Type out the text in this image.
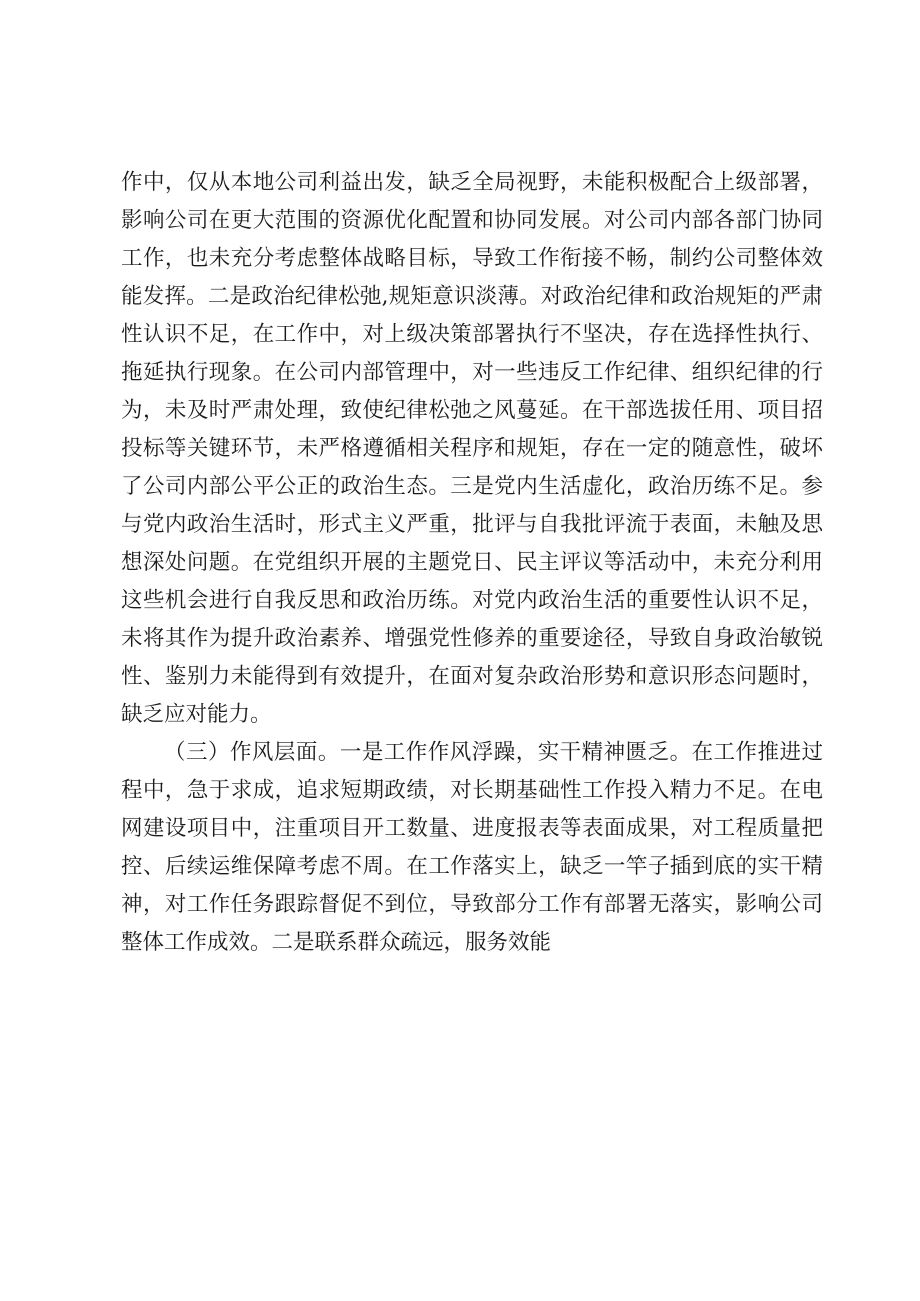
作中，仅从本地公司利益出发，缺乏全局视野，未能积极配合上级部署，影响公司在更大范围的资源优化配置和协同发展。对公司内部各部门协同工作，也未充分考虑整体战略目标，导致工作衔接不畅，制约公司整体效能发挥。二是政治纪律松弛,规矩意识淡薄。对政治纪律和政治规矩的严肃性认识不足，在工作中，对上级决策部署执行不坚决，存在选择性执行、拖延执行现象。在公司内部管理中，对一些违反工作纪律、组织纪律的行为，未及时严肃处理，致使纪律松弛之风蔓延。在干部选拔任用、项目招投标等关键环节，未严格遵循相关程序和规矩，存在一定的随意性，破坏了公司内部公平公正的政治生态。三是党内生活虚化，政治历练不足。参与党内政治生活时，形式主义严重，批评与自我批评流于表面，未触及思想深处问题。在党组织开展的主题党日、民主评议等活动中，未充分利用这些机会进行自我反思和政治历练。对党内政治生活的重要性认识不足，未将其作为提升政治素养、增强党性修养的重要途径，导致自身政治敏锐性、鉴别力未能得到有效提升，在面对复杂政治形势和意识形态问题时，缺乏应对能力。

（三）作风层面。一是工作作风浮躁，实干精神匮乏。在工作推进过程中，急于求成，追求短期政绩，对长期基础性工作投入精力不足。在电网建设项目中，注重项目开工数量、进度报表等表面成果，对工程质量把控、后续运维保障考虑不周。在工作落实上，缺乏一竿子插到底的实干精神，对工作任务跟踪督促不到位，导致部分工作有部署无落实，影响公司整体工作成效。二是联系群众疏远，服务效能
